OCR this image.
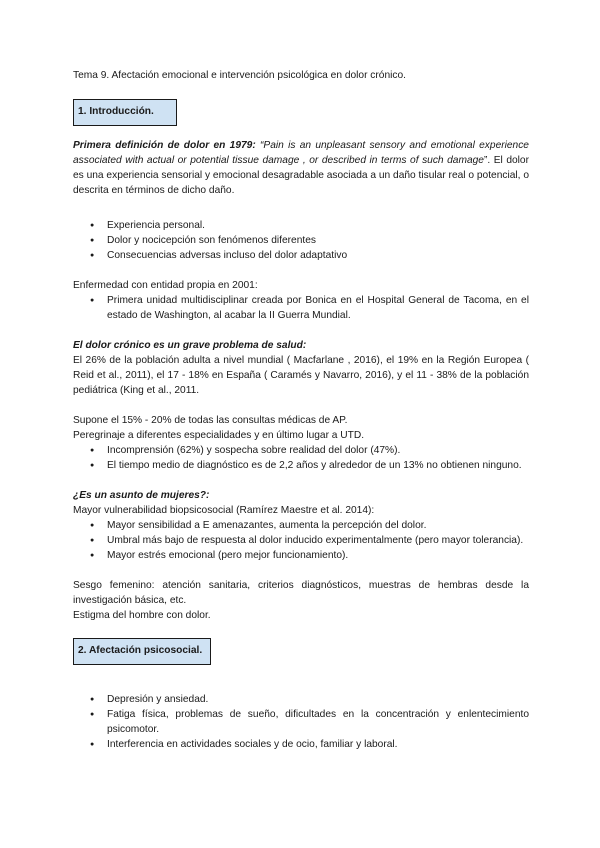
Tema 9. Afectación emocional e intervención psicológica en dolor crónico.

1. Introducción.

Primera definición de dolor en 1979: “Pain is an unpleasant sensory and emotional experience associated with actual or potential tissue damage , or described in terms of such damage”. El dolor es una experiencia sensorial y emocional desagradable asociada a un daño tisular real o potencial, o descrita en términos de dicho daño.

● Experiencia personal.
● Dolor y nocicepción son fenómenos diferentes
● Consecuencias adversas incluso del dolor adaptativo

Enfermedad con entidad propia en 2001:

● Primera unidad multidisciplinar creada por Bonica en el Hospital General de Tacoma, en el estado de Washington, al acabar la II Guerra Mundial.

El dolor crónico es un grave problema de salud:

El 26% de la población adulta a nivel mundial ( Macfarlane , 2016), el 19% en la Región Europea ( Reid et al., 2011), el 17 - 18% en España ( Caramés y Navarro, 2016), y el 11 - 38% de la población pediátrica (King et al., 2011.

Supone el 15% - 20% de todas las consultas médicas de AP.

Peregrinaje a diferentes especialidades y en último lugar a UTD.

● Incomprensión (62%) y sospecha sobre realidad del dolor (47%).
● El tiempo medio de diagnóstico es de 2,2 años y alrededor de un 13% no obtienen ninguno.

¿Es un asunto de mujeres?:

Mayor vulnerabilidad biopsicosocial (Ramírez Maestre et al. 2014):

● Mayor sensibilidad a E amenazantes, aumenta la percepción del dolor.
● Umbral más bajo de respuesta al dolor inducido experimentalmente (pero mayor tolerancia).
● Mayor estrés emocional (pero mejor funcionamiento).

Sesgo femenino: atención sanitaria, criterios diagnósticos, muestras de hembras desde la investigación básica, etc.

Estigma del hombre con dolor.

2. Afectación psicosocial.
● Depresión y ansiedad.
● Fatiga física, problemas de sueño, dificultades en la concentración y enlentecimiento psicomotor.
● Interferencia en actividades sociales y de ocio, familiar y laboral.
